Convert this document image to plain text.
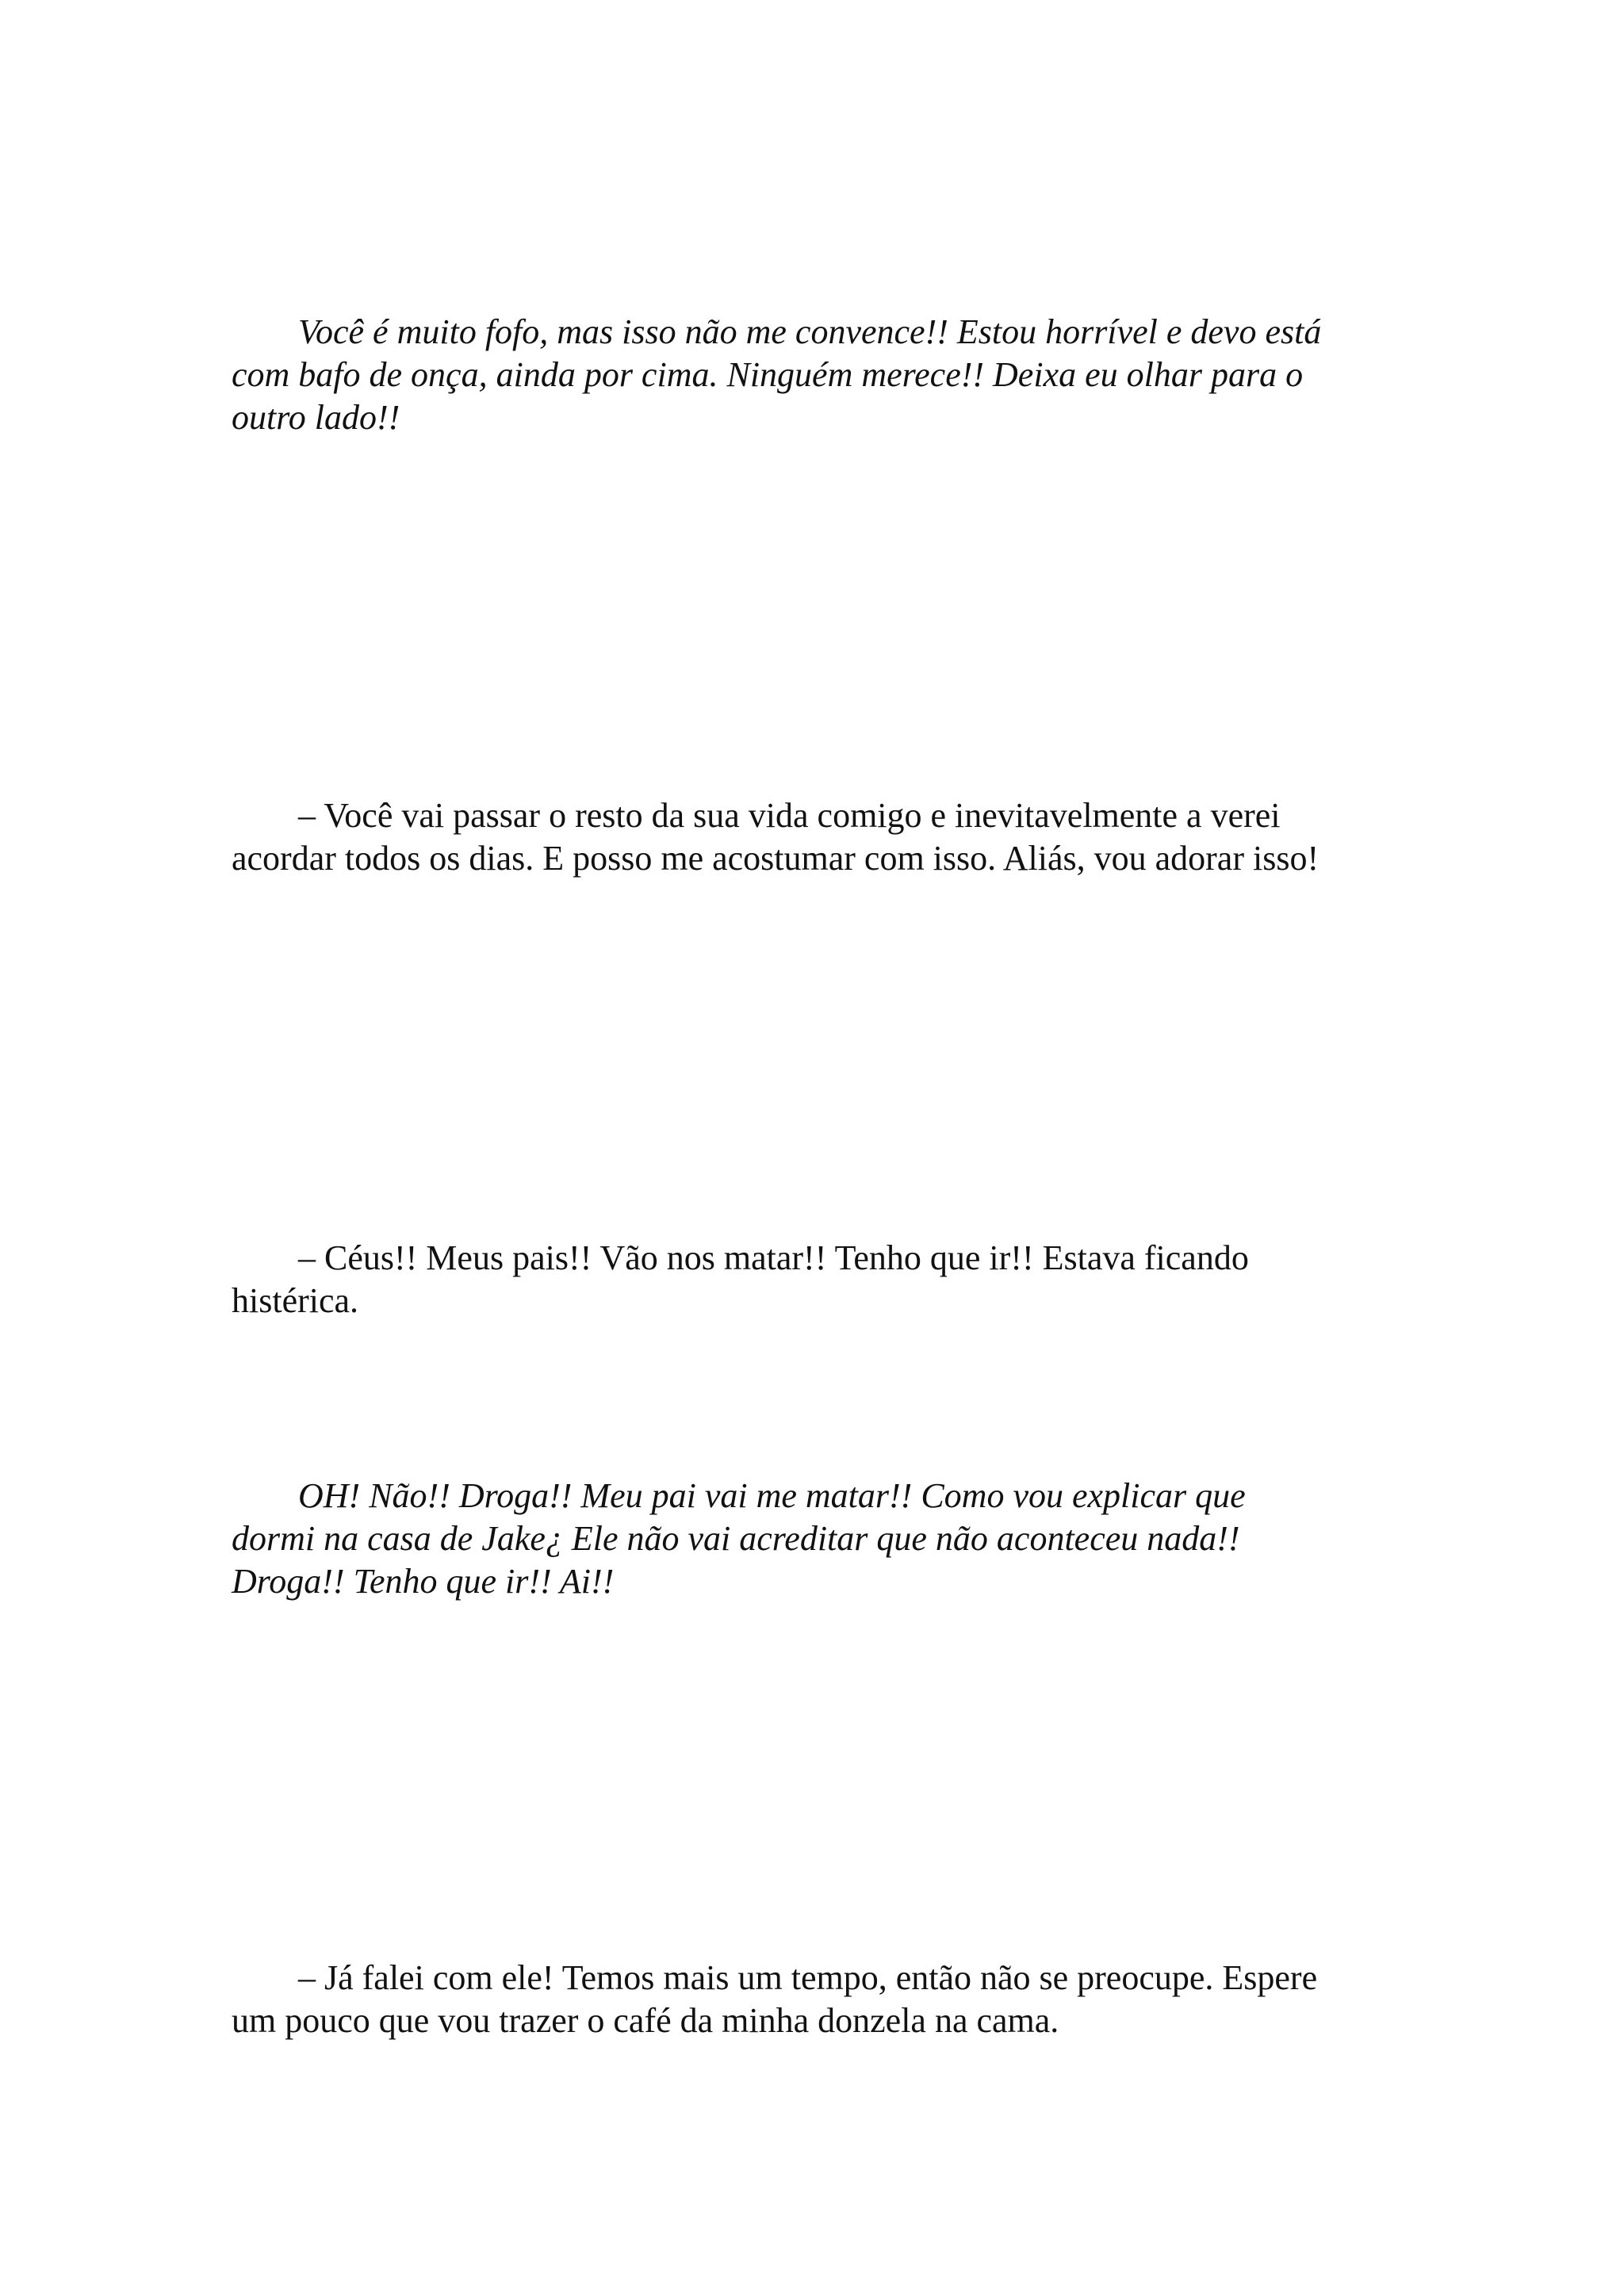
Você é muito fofo, mas isso não me convence!! Estou horrível e devo está
com bafo de onça, ainda por cima. Ninguém merece!! Deixa eu olhar para o
outro lado!!

– Você vai passar o resto da sua vida comigo e inevitavelmente a verei
acordar todos os dias. E posso me acostumar com isso. Aliás, vou adorar isso!

– Céus!! Meus pais!! Vão nos matar!! Tenho que ir!! Estava ficando
histérica.

OH! Não!! Droga!! Meu pai vai me matar!! Como vou explicar que
dormi na casa de Jake¿ Ele não vai acreditar que não aconteceu nada!!
Droga!! Tenho que ir!! Ai!!

– Já falei com ele! Temos mais um tempo, então não se preocupe. Espere
um pouco que vou trazer o café da minha donzela na cama.
